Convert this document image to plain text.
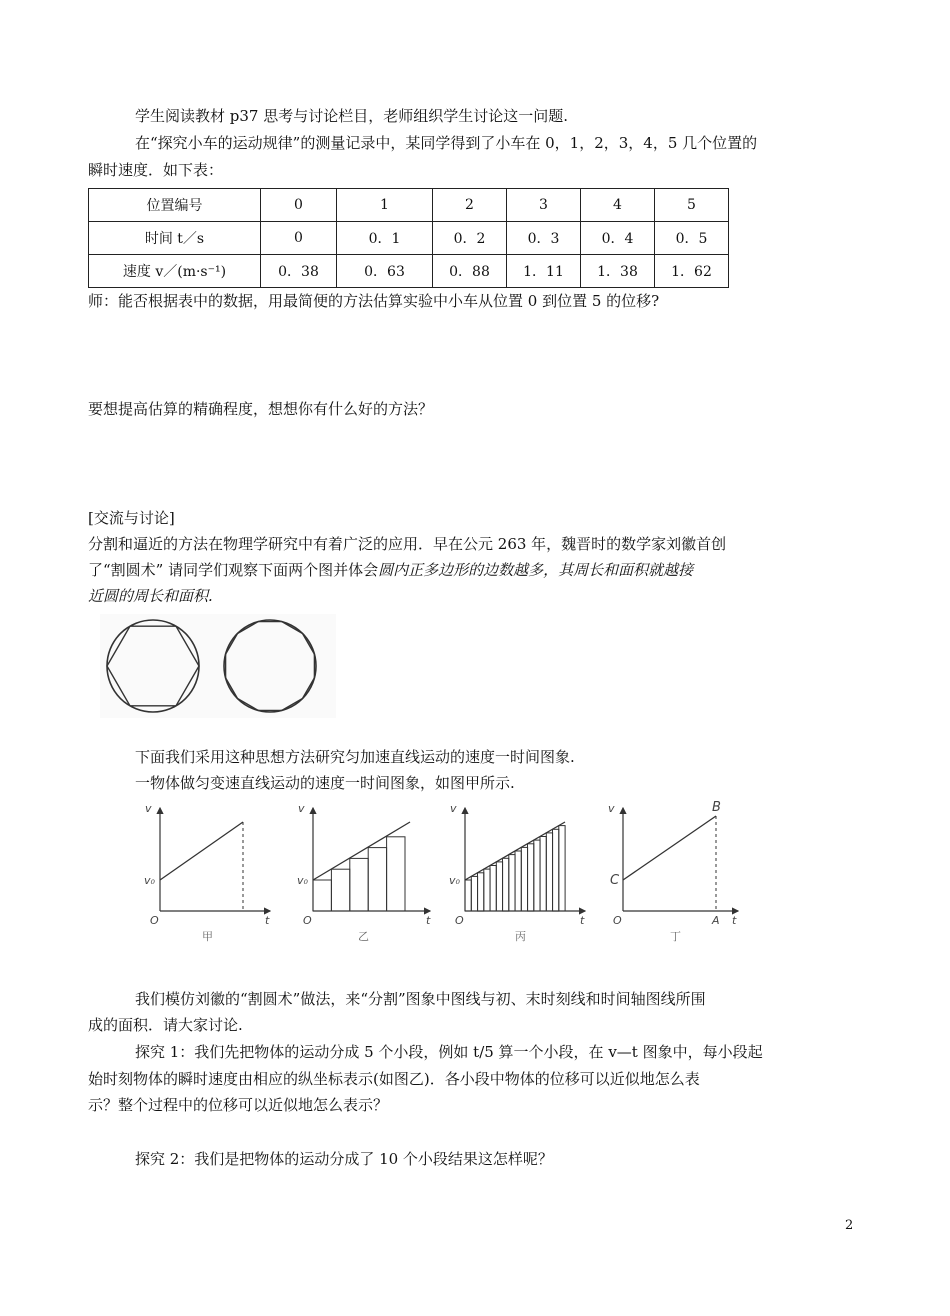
学生阅读教材 p37 思考与讨论栏目，老师组织学生讨论这一问题.
在“探究小车的运动规律”的测量记录中，某同学得到了小车在 0，1，2，3，4，5 几个位置的
瞬时速度．如下表：
位置编号	0	1	2	3	4	5
时间 t／s	0	0．1	0．2	0．3	0．4	0．5
速度 v／(m·s⁻¹)	0．38	0．63	0．88	1．11	1．38	1．62
师：能否根据表中的数据，用最简便的方法估算实验中小车从位置 0 到位置 5 的位移?
要想提高估算的精确程度，想想你有什么好的方法？
[交流与讨论]
分割和逼近的方法在物理学研究中有着广泛的应用．早在公元 263 年，魏晋时的数学家刘徽首创
了“割圆术” 请同学们观察下面两个图并体会圆内正多边形的边数越多，其周长和面积就越接
近圆的周长和面积.
下面我们采用这种思想方法研究匀加速直线运动的速度一时间图象.
一物体做匀变速直线运动的速度一时间图象，如图甲所示.
v
v₀
O	t
甲
v
v₀
O	t
乙
v
v₀
O	t
丙
v
C
B
A
O	t
丁
我们模仿刘徽的“割圆术”做法，来“分割”图象中图线与初、末时刻线和时间轴图线所围
成的面积．请大家讨论.
探究 1：我们先把物体的运动分成 5 个小段，例如 t/5 算一个小段，在 v—t 图象中，每小段起
始时刻物体的瞬时速度由相应的纵坐标表示(如图乙)．各小段中物体的位移可以近似地怎么表
示？整个过程中的位移可以近似地怎么表示？
探究 2：我们是把物体的运动分成了 10 个小段结果这怎样呢？
2
